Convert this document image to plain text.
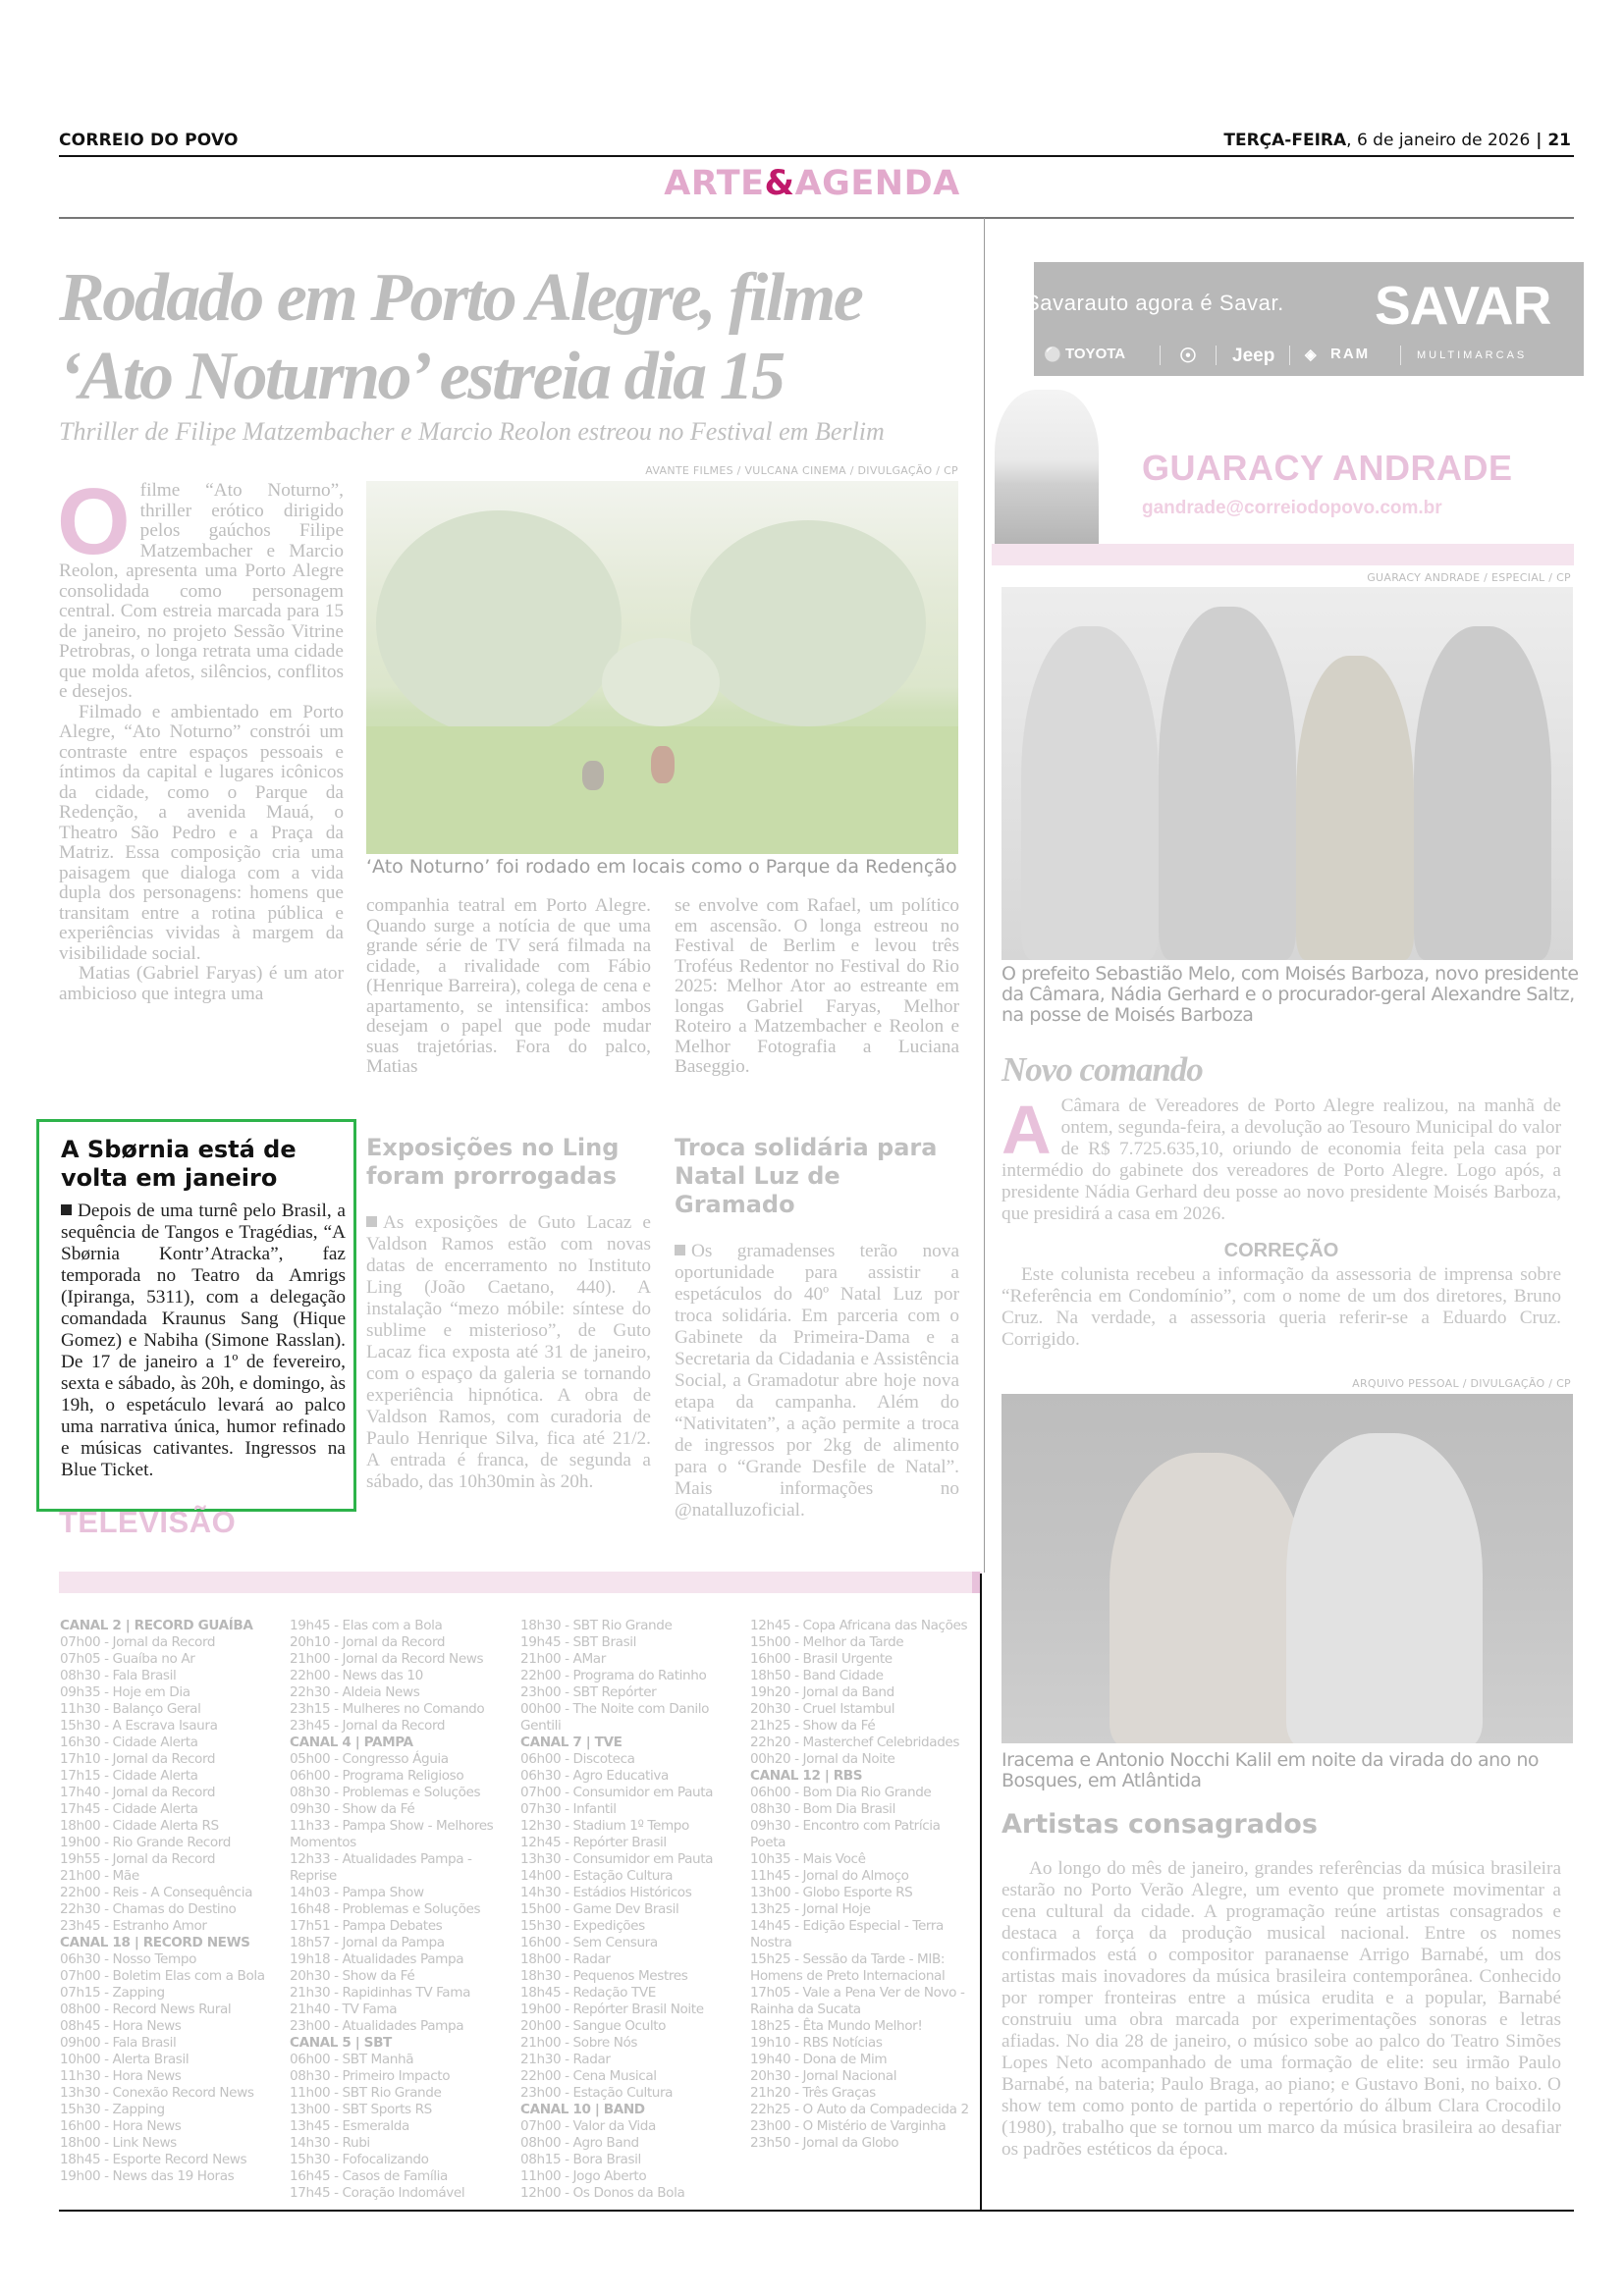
CORREIO DO POVO	TERÇA-FEIRA, 6 de janeiro de 2026 | 21
ARTE&AGENDA
Rodado em Porto Alegre, filme ‘Ato Noturno’ estreia dia 15
Thriller de Filipe Matzembacher e Marcio Reolon estreou no Festival em Berlim
AVANTE FILMES / VULCANA CINEMA / DIVULGAÇÃO / CP
‘Ato Noturno’ foi rodado em locais como o Parque da Redenção
O filme “Ato Noturno”, thriller erótico dirigido pelos gaúchos Filipe Matzembacher e Marcio Reolon, apresenta uma Porto Alegre consolidada como personagem central. Com estreia marcada para 15 de janeiro, no projeto Sessão Vitrine Petrobras, o longa retrata uma cidade que molda afetos, silêncios, conflitos e desejos.

Filmado e ambientado em Porto Alegre, “Ato Noturno” constrói um contraste entre espaços pessoais e íntimos da capital e lugares icônicos da cidade, como o Parque da Redenção, a avenida Mauá, o Theatro São Pedro e a Praça da Matriz. Essa composição cria uma paisagem que dialoga com a vida dupla dos personagens: homens que transitam entre a rotina pública e experiências vividas à margem da visibilidade social.

Matias (Gabriel Faryas) é um ator ambicioso que integra uma

companhia teatral em Porto Alegre. Quando surge a notícia de que uma grande série de TV será filmada na cidade, a rivalidade com Fábio (Henrique Barreira), colega de cena e apartamento, se intensifica: ambos desejam o papel que pode mudar suas trajetórias. Fora do palco, Matias

se envolve com Rafael, um político em ascensão. O longa estreou no Festival de Berlim e levou três Troféus Redentor no Festival do Rio 2025: Melhor Ator ao estreante em longas Gabriel Faryas, Melhor Roteiro a Matzembacher e Reolon e Melhor Fotografia a Luciana Baseggio.

A Sbørnia está de volta em janeiro
Depois de uma turnê pelo Brasil, a sequência de Tangos e Tragédias, “A Sbørnia Kontr’Atracka”, faz temporada no Teatro da Amrigs (Ipiranga, 5311), com a delegação comandada Kraunus Sang (Hique Gomez) e Nabiha (Simone Rasslan). De 17 de janeiro a 1º de fevereiro, sexta e sábado, às 20h, e domingo, às 19h, o espetáculo levará ao palco uma narrativa única, humor refinado e músicas cativantes. Ingressos na Blue Ticket.
Exposições no Ling foram prorrogadas
As exposições de Guto Lacaz e Valdson Ramos estão com novas datas de encerramento no Instituto Ling (João Caetano, 440). A instalação “mezo móbile: síntese do sublime e misterioso”, de Guto Lacaz fica exposta até 31 de janeiro, com o espaço da galeria se tornando experiência hipnótica. A obra de Valdson Ramos, com curadoria de Paulo Henrique Silva, fica até 21/2. A entrada é franca, de segunda a sábado, das 10h30min às 20h.
Troca solidária para Natal Luz de Gramado
Os gramadenses terão nova oportunidade para assistir a espetáculos do 40º Natal Luz por troca solidária. Em parceria com o Gabinete da Primeira-Dama e a Secretaria da Cidadania e Assistência Social, a Gramadotur abre hoje nova etapa da campanha. Além do “Nativitaten”, a ação permite a troca de ingressos por 2kg de alimento para o “Grande Desfile de Natal”. Mais informações no @natalluzoficial.
TELEVISÃO
CANAL 2 | RECORD GUAÍBA
07h00 - Jornal da Record
07h05 - Guaíba no Ar
08h30 - Fala Brasil
09h35 - Hoje em Dia
11h30 - Balanço Geral
15h30 - A Escrava Isaura
16h30 - Cidade Alerta
17h10 - Jornal da Record
17h15 - Cidade Alerta
17h40 - Jornal da Record
17h45 - Cidade Alerta
18h00 - Cidade Alerta RS
19h00 - Rio Grande Record
19h55 - Jornal da Record
21h00 - Mãe
22h00 - Reis - A Consequência
22h30 - Chamas do Destino
23h45 - Estranho Amor
CANAL 18 | RECORD NEWS
06h30 - Nosso Tempo
07h00 - Boletim Elas com a Bola
07h15 - Zapping
08h00 - Record News Rural
08h45 - Hora News
09h00 - Fala Brasil
10h00 - Alerta Brasil
11h30 - Hora News
13h30 - Conexão Record News
15h30 - Zapping
16h00 - Hora News
18h00 - Link News
18h45 - Esporte Record News
19h00 - News das 19 Horas
19h45 - Elas com a Bola
20h10 - Jornal da Record
21h00 - Jornal da Record News
22h00 - News das 10
22h30 - Aldeia News
23h15 - Mulheres no Comando
23h45 - Jornal da Record
CANAL 4 | PAMPA
05h00 - Congresso Águia
06h00 - Programa Religioso
08h30 - Problemas e Soluções
09h30 - Show da Fé
11h33 - Pampa Show - Melhores Momentos
12h33 - Atualidades Pampa - Reprise
14h03 - Pampa Show
16h48 - Problemas e Soluções
17h51 - Pampa Debates
18h57 - Jornal da Pampa
19h18 - Atualidades Pampa
20h30 - Show da Fé
21h30 - Rapidinhas TV Fama
21h40 - TV Fama
23h00 - Atualidades Pampa
CANAL 5 | SBT
06h00 - SBT Manhã
08h30 - Primeiro Impacto
11h00 - SBT Rio Grande
13h00 - SBT Sports RS
13h45 - Esmeralda
14h30 - Rubi
15h30 - Fofocalizando
16h45 - Casos de Família
17h45 - Coração Indomável
18h30 - SBT Rio Grande
19h45 - SBT Brasil
21h00 - AMar
22h00 - Programa do Ratinho
23h00 - SBT Repórter
00h00 - The Noite com Danilo Gentili
CANAL 7 | TVE
06h00 - Discoteca
06h30 - Agro Educativa
07h00 - Consumidor em Pauta
07h30 - Infantil
12h30 - Stadium 1º Tempo
12h45 - Repórter Brasil
13h30 - Consumidor em Pauta
14h00 - Estação Cultura
14h30 - Estádios Históricos
15h00 - Game Dev Brasil
15h30 - Expedições
16h00 - Sem Censura
18h00 - Radar
18h30 - Pequenos Mestres
18h45 - Redação TVE
19h00 - Repórter Brasil Noite
20h00 - Sangue Oculto
21h00 - Sobre Nós
21h30 - Radar
22h00 - Cena Musical
23h00 - Estação Cultura
CANAL 10 | BAND
07h00 - Valor da Vida
08h00 - Agro Band
08h15 - Bora Brasil
11h00 - Jogo Aberto
12h00 - Os Donos da Bola
12h45 - Copa Africana das Nações
15h00 - Melhor da Tarde
16h00 - Brasil Urgente
18h50 - Band Cidade
19h20 - Jornal da Band
20h30 - Cruel Istambul
21h25 - Show da Fé
22h20 - Masterchef Celebridades
00h20 - Jornal da Noite
CANAL 12 | RBS
06h00 - Bom Dia Rio Grande
08h30 - Bom Dia Brasil
09h30 - Encontro com Patrícia Poeta
10h35 - Mais Você
11h45 - Jornal do Almoço
13h00 - Globo Esporte RS
13h25 - Jornal Hoje
14h45 - Edição Especial - Terra Nostra
15h25 - Sessão da Tarde - MIB: Homens de Preto Internacional
17h05 - Vale a Pena Ver de Novo - Rainha da Sucata
18h25 - Êta Mundo Melhor!
19h10 - RBS Notícias
19h40 - Dona de Mim
20h30 - Jornal Nacional
21h20 - Três Graças
22h25 - O Auto da Compadecida 2
23h00 - O Mistério de Varginha
23h50 - Jornal da Globo
Savarauto agora é Savar. SAVAR
⚪ TOYOTA	☉ Jeep ◈ RAM	MULTIMARCAS
GUARACY ANDRADE
gandrade@correiodopovo.com.br
GUARACY ANDRADE / ESPECIAL / CP
O prefeito Sebastião Melo, com Moisés Barboza, novo presidente da Câmara, Nádia Gerhard e o procurador-geral Alexandre Saltz, na posse de Moisés Barboza
Novo comando
A Câmara de Vereadores de Porto Alegre realizou, na manhã de ontem, segunda-feira, a devolução ao Tesouro Municipal do valor de R$ 7.725.635,10, oriundo de economia feita pela casa por intermédio do gabinete dos vereadores de Porto Alegre. Logo após, a presidente Nádia Gerhard deu posse ao novo presidente Moisés Barboza, que presidirá a casa em 2026.
CORREÇÃO
Este colunista recebeu a informação da assessoria de imprensa sobre “Referência em Condomínio”, com o nome de um dos diretores, Bruno Cruz. Na verdade, a assessoria queria referir-se a Eduardo Cruz. Corrigido.
ARQUIVO PESSOAL / DIVULGAÇÃO / CP
Iracema e Antonio Nocchi Kalil em noite da virada do ano no Bosques, em Atlântida
Artistas consagrados
Ao longo do mês de janeiro, grandes referências da música brasileira estarão no Porto Verão Alegre, um evento que promete movimentar a cena cultural da cidade. A programação reúne artistas consagrados e destaca a força da produção musical nacional. Entre os nomes confirmados está o compositor paranaense Arrigo Barnabé, um dos artistas mais inovadores da música brasileira contemporânea. Conhecido por romper fronteiras entre a música erudita e a popular, Barnabé construiu uma obra marcada por experimentações sonoras e letras afiadas. No dia 28 de janeiro, o músico sobe ao palco do Teatro Simões Lopes Neto acompanhado de uma formação de elite: seu irmão Paulo Barnabé, na bateria; Paulo Braga, ao piano; e Gustavo Boni, no baixo. O show tem como ponto de partida o repertório do álbum Clara Crocodilo (1980), trabalho que se tornou um marco da música brasileira ao desafiar os padrões estéticos da época.
